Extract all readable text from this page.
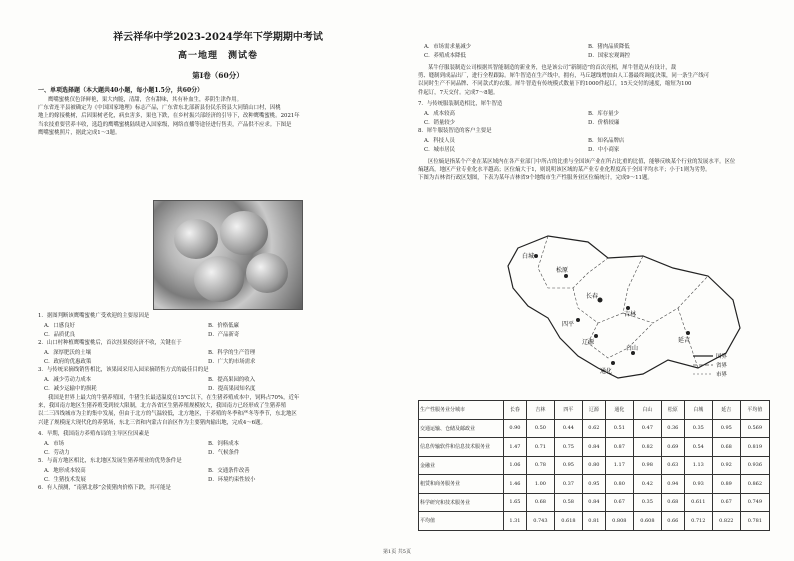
祥云祥华中学2023-2024学年下学期期中考试
高一地理　测试卷
第Ⅰ卷（60分）
一、单项选择题（本大题共40小题，每小题1.5分，共60分）
鹰嘴蜜桃仅色泽鲜艳，果大肉脆，清甜，含有甜味，其有补血生，养阴生津作用。
广东省连平县被确定为《中国国家地理》标志产品，广东省东北部新县份民乐资县大同镇山口村，因桃
地上的嫁接桃树，后因果树老化，病虫害多，果也下跌，在乡村振兴部经济的引导下，改种鹰嘴蜜桃。2021年
当农技重要营养丰收，选趋的鹰嘴蜜桃陆续进入国家级，网络直播等途径进行售卖，产品供不应求。下图是
鹰嘴蜜桃照片，据此完成1～3题。
1．据图判断该鹰嘴蜜桃广受欢迎的主要原因是
A．口感良好	B．价格低廉
C．品质优良	D．产品新奇
2．山口村种植鹰嘴蜜桃后，首次挂果使经济不收，关键在于
A．深厚肥沃的土壤	B．科学的生产管理
C．政府的优惠政策	D．广大的市场需求
3．与传统采摘线销售相比，该果园采用入园采摘销售方式的最佳目的是
A．减少劳动力成本	B．提高果园的收入
C．减少运输中的损耗	D．提高果园知名度
我国是世界上最大的牛猪养殖国，牛猪生长最适温度在15℃以下，在生猪养殖成本中，饲料占70%，近年
来，我国南方地区生猪养殖受到较大限制，北方各省区生猪养殖规模较大，我国南方已经形成了生猪养殖
以二三四线城市为主的集中发展，但由于北方的气温较低，北方地区，于养殖的冬季和严冬等季节，东北地区
兴建了规模庞大现代化的养猪场，东北三省和内蒙古自治区作为主要猪肉输出地，完成4～6题。
4．早期，我国南方养殖布局的主导区位因素是
A．市场	B．饲料成本
C．劳动力	D．气候条件
5．与南方地区相比，东北地区发展生猪养殖业的优势条件是
A．地形成本较高	B．交通条件改善
C．生猪技术发展	D．环境约束性较小
6．有人预测，“南猪北移”会使猪肉价格下跌，其可能是
A．市场需求量减少	B．猪肉品质降低
C．养殖成本降低	D．国家宏观调控
某牛仔服装制造公司根据其智能制造的新业务，也是该公司“新制造”的首次亮相，犀牛智造从有设计，裁
剪、缝制到成品出厂，进行全程跟踪。犀牛智造在生产线中，拥有，马丘越线增加由人工器最终调度决策，同一条生产线可
以同时生产不同品牌、不同款式的衣服。犀牛智造有传统模式数量下的1000件起订，15天交付的速度，缩短为100
件起订，7天交付。完成7～8题。
7．与传统服装制造相比，犀牛智造
A．成本较高	B．库存量少
C．销量较少	D．价格较廉
8．犀牛服装智造的客户主要是
A．科技人员	B．知名品牌店
C．城市居民	D．中小商家
区位熵是指某个产业在某区域内在各产业部门中所占的比重与全国该产业在所占比重的比值，能够反映某个行业的发展水平。区位
熵越高，地区产业专业化水平越高；区位熵大于1，则说明该区域的某产业专业化程度高于全国平均水平；小于1则为劣势。
下图为吉林省行政区划图，下表为某年吉林省9个地级市生产性服务业区位熵统计，完成9～11题。
白城
松原
长春
吉林
四平
辽源
通化
白山
延吉
国界
省界
市界
生产性服务业分城市	长春	吉林	四平	辽源	通化	白山	松原	白城	延吉	平均值
交通运输、仓储及邮政业	0.90	0.50	0.44	0.62	0.51	0.47	0.36	0.35	0.95	0.569
信息传输软件和信息技术服务业	1.47	0.71	0.75	0.84	0.87	0.82	0.69	0.54	0.68	0.819
金融业	1.06	0.78	0.95	0.80	1.17	0.98	0.63	1.13	0.92	0.936
租赁和商务服务业	1.46	1.00	0.37	0.95	0.80	0.42	0.94	0.93	0.89	0.862
科学研究和技术服务业	1.65	0.68	0.58	0.84	0.67	0.35	0.68	0.611	0.67	0.749
平均值	1.31	0.743	0.618	0.81	0.808	0.608	0.66	0.712	0.822	0.781
第1页 共5页
